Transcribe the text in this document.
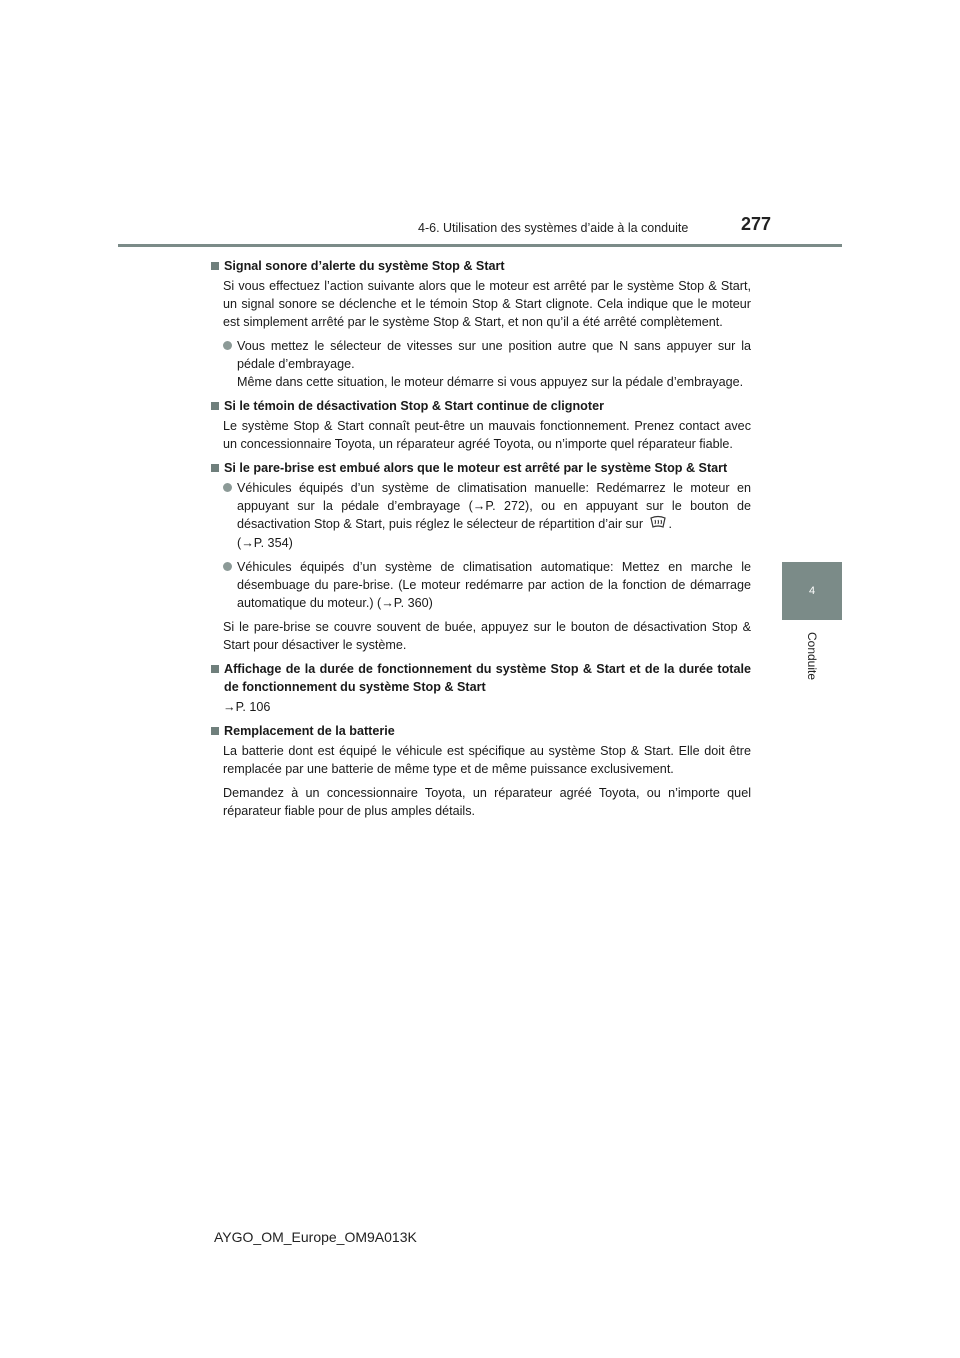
4-6. Utilisation des systèmes d’aide à la conduite	277
4
Conduite
Signal sonore d’alerte du système Stop & Start

Si vous effectuez l’action suivante alors que le moteur est arrêté par le système Stop & Start, un signal sonore se déclenche et le témoin Stop & Start clignote. Cela indique que le moteur est simplement arrêté par le système Stop & Start, et non qu’il a été arrêté complètement.

Vous mettez le sélecteur de vitesses sur une position autre que N sans appuyer sur la pédale d’embrayage.
Même dans cette situation, le moteur démarre si vous appuyez sur la pédale d’embrayage.
Si le témoin de désactivation Stop & Start continue de clignoter

Le système Stop & Start connaît peut-être un mauvais fonctionnement. Prenez contact avec un concessionnaire Toyota, un réparateur agréé Toyota, ou n’importe quel réparateur fiable.

Si le pare-brise est embué alors que le moteur est arrêté par le système Stop & Start
Véhicules équipés d’un système de climatisation manuelle: Redémarrez le moteur en appuyant sur la pédale d’embrayage (→P. 272), ou en appuyant sur le bouton de désactivation Stop & Start, puis réglez le sélecteur de répartition d’air sur .
(→P. 354)
Véhicules équipés d’un système de climatisation automatique: Mettez en marche le désembuage du pare-brise. (Le moteur redémarre par action de la fonction de démarrage automatique du moteur.) (→P. 360)

Si le pare-brise se couvre souvent de buée, appuyez sur le bouton de désactivation Stop & Start pour désactiver le système.

Affichage de la durée de fonctionnement du système Stop & Start et de la durée totale de fonctionnement du système Stop & Start

→P. 106

Remplacement de la batterie

La batterie dont est équipé le véhicule est spécifique au système Stop & Start. Elle doit être remplacée par une batterie de même type et de même puissance exclusivement.

Demandez à un concessionnaire Toyota, un réparateur agréé Toyota, ou n’importe quel réparateur fiable pour de plus amples détails.

AYGO_OM_Europe_OM9A013K
